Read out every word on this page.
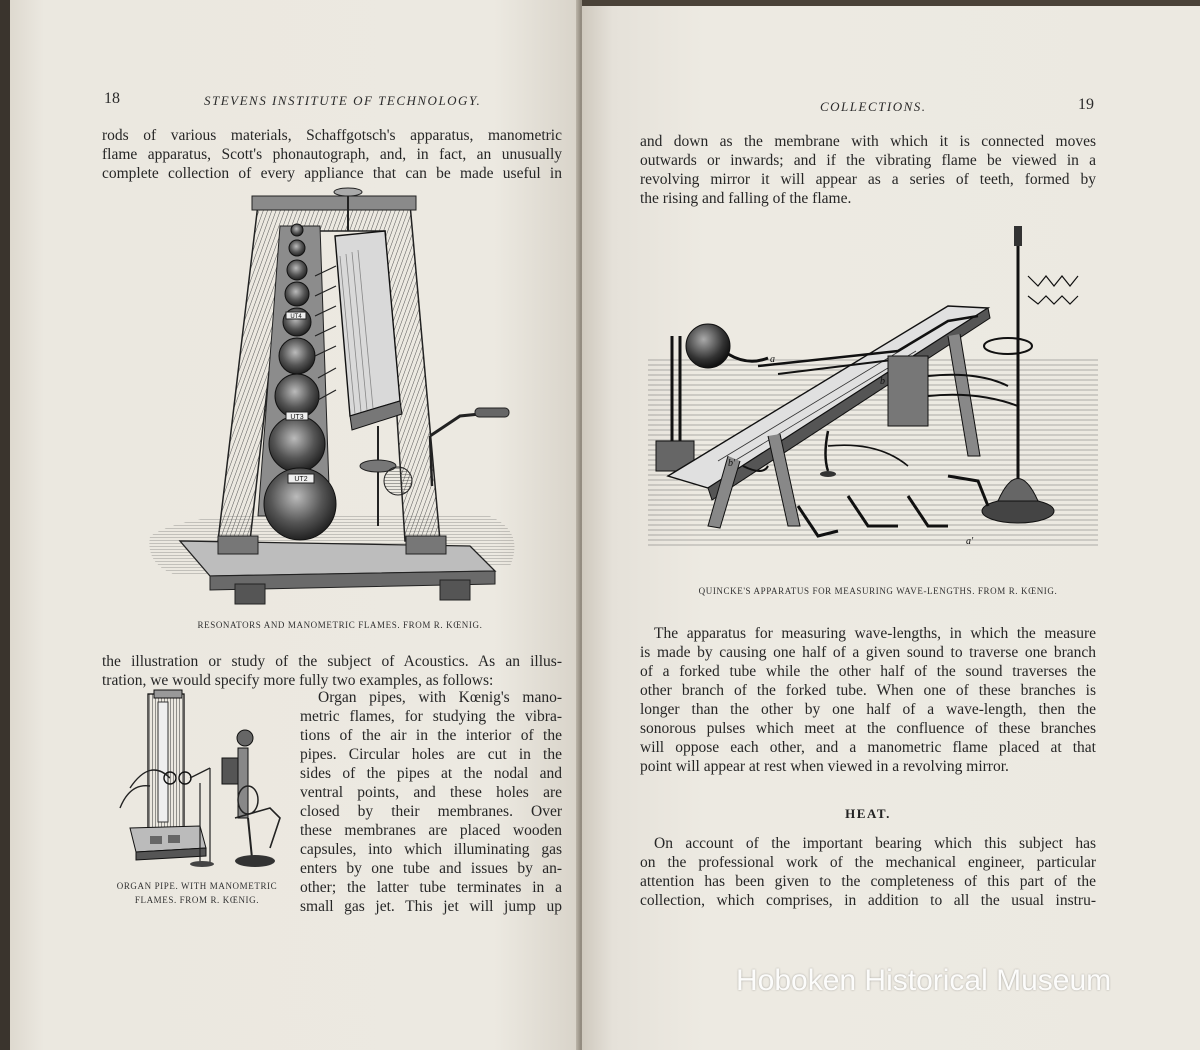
18	STEVENS INSTITUTE OF TECHNOLOGY.
rods of various materials, Schaffgotsch's apparatus, manometric
flame apparatus, Scott's phonautograph, and, in fact, an unusually
complete collection of every appliance that can be made useful in
UT3
UT2
UT4
RESONATORS AND MANOMETRIC FLAMES. FROM R. KŒNIG.
the illustration or study of the subject of Acoustics. As an illus-
tration, we would specify more fully two examples, as follows:
ORGAN PIPE. WITH MANOMETRIC
FLAMES. FROM R. KŒNIG.
Organ pipes, with Kœnig's mano-
metric flames, for studying the vibra-
tions of the air in the interior of the
pipes. Circular holes are cut in the
sides of the pipes at the nodal and
ventral points, and these holes are
closed by their membranes. Over
these membranes are placed wooden
capsules, into which illuminating gas
enters by one tube and issues by an-
other; the latter tube terminates in a
small gas jet. This jet will jump up
COLLECTIONS.	19
and down as the membrane with which it is connected moves
outwards or inwards; and if the vibrating flame be viewed in a
revolving mirror it will appear as a series of teeth, formed by
the rising and falling of the flame.
a
b
b'
a'
QUINCKE'S APPARATUS FOR MEASURING WAVE-LENGTHS. FROM R. KŒNIG.
The apparatus for measuring wave-lengths, in which the measure
is made by causing one half of a given sound to traverse one branch
of a forked tube while the other half of the sound traverses the
other branch of the forked tube. When one of these branches is
longer than the other by one half of a wave-length, then the
sonorous pulses which meet at the confluence of these branches
will oppose each other, and a manometric flame placed at that
point will appear at rest when viewed in a revolving mirror.
HEAT.
On account of the important bearing which this subject has
on the professional work of the mechanical engineer, particular
attention has been given to the completeness of this part of the
collection, which comprises, in addition to all the usual instru-
Hoboken Historical Museum
